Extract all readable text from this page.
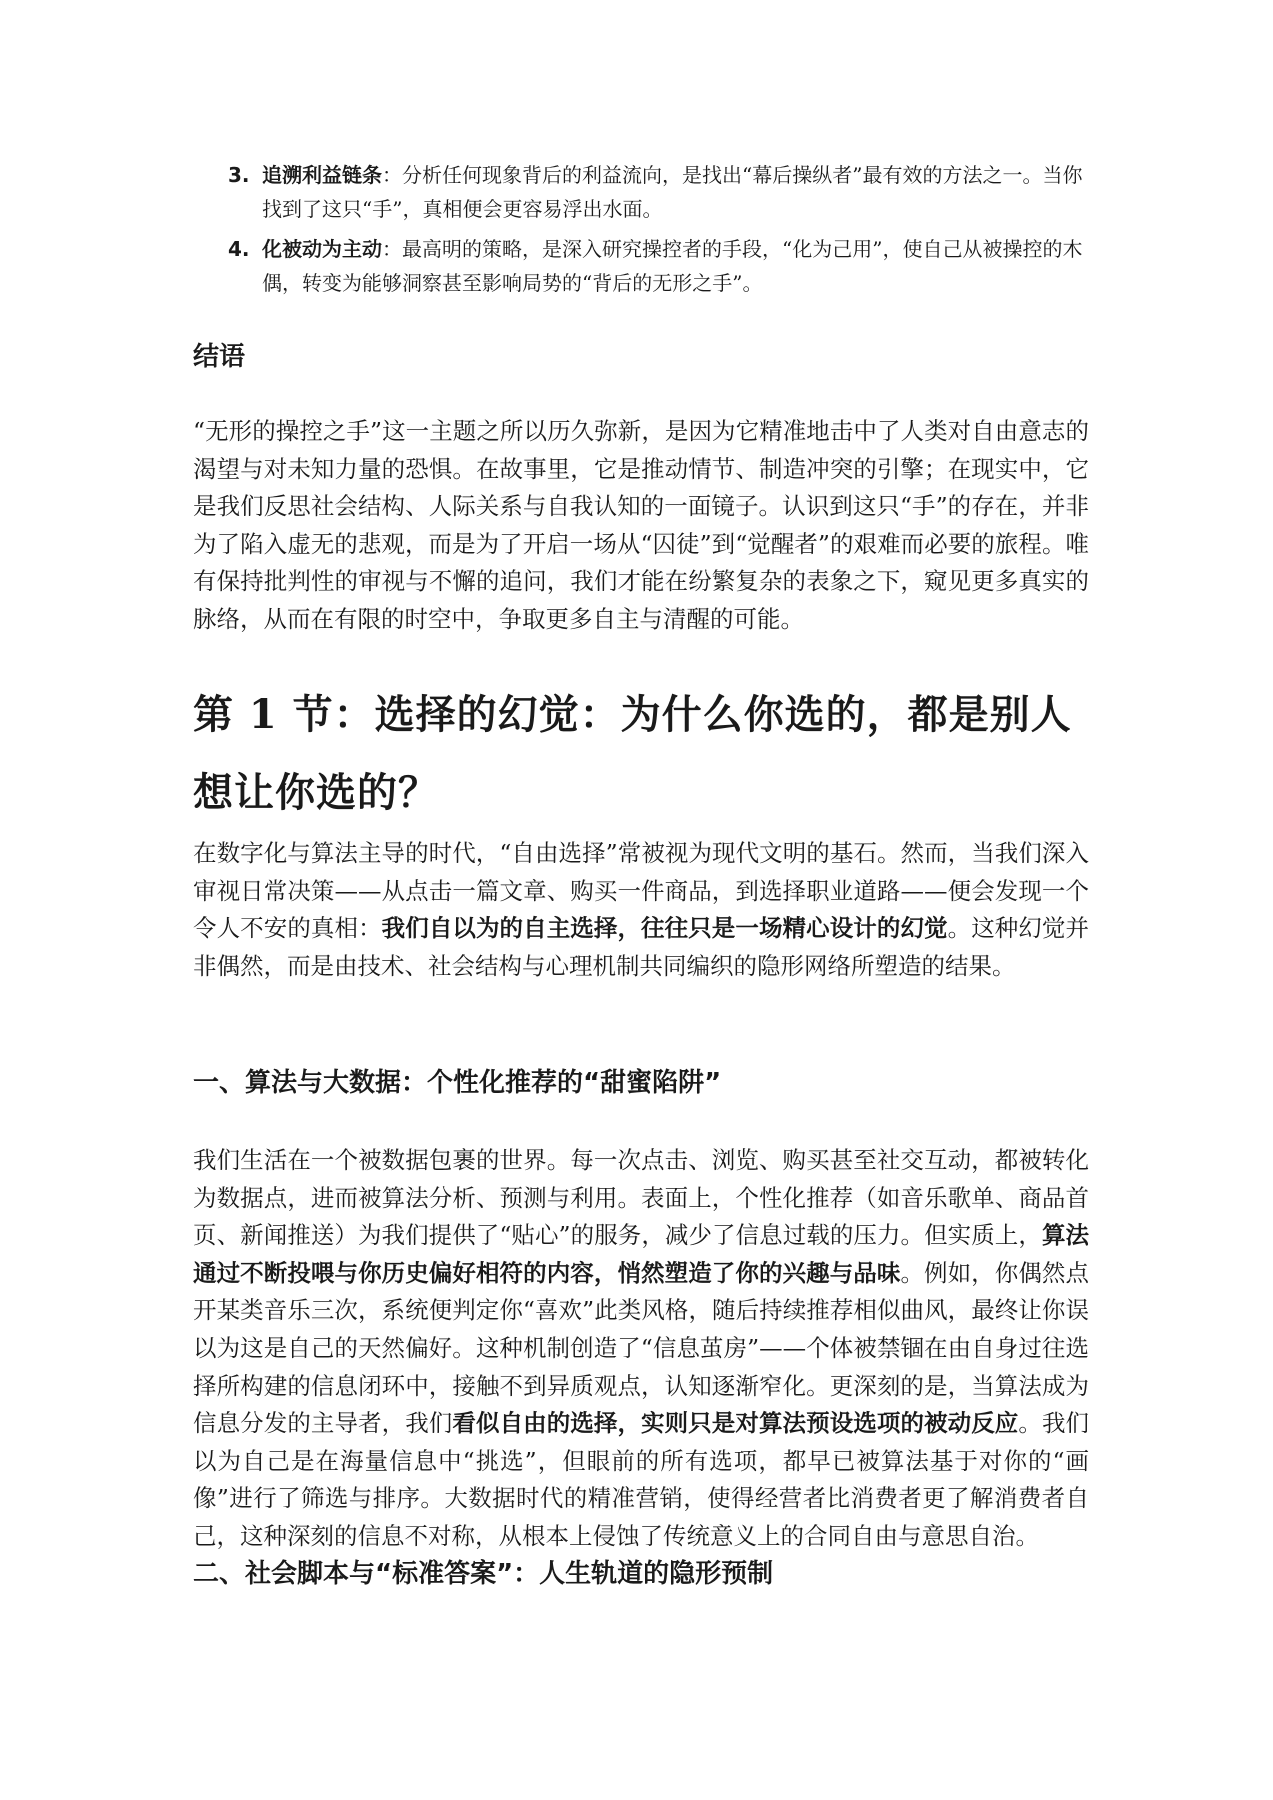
3. 追溯利益链条：分析任何现象背后的利益流向，是找出“幕后操纵者”最有效的方法之一。当你找到了这只“手”，真相便会更容易浮出水面。
4. 化被动为主动：最高明的策略，是深入研究操控者的手段，“化为己用”，使自己从被操控的木偶，转变为能够洞察甚至影响局势的“背后的无形之手”。
结语

“无形的操控之手”这一主题之所以历久弥新，是因为它精准地击中了人类对自由意志的渴望与对未知力量的恐惧。在故事里，它是推动情节、制造冲突的引擎；在现实中，它是我们反思社会结构、人际关系与自我认知的一面镜子。认识到这只“手”的存在，并非为了陷入虚无的悲观，而是为了开启一场从“囚徒”到“觉醒者”的艰难而必要的旅程。唯有保持批判性的审视与不懈的追问，我们才能在纷繁复杂的表象之下，窥见更多真实的脉络，从而在有限的时空中，争取更多自主与清醒的可能。

第 1 节：选择的幻觉：为什么你选的，都是别人想让你选的？

在数字化与算法主导的时代，“自由选择”常被视为现代文明的基石。然而，当我们深入审视日常决策——从点击一篇文章、购买一件商品，到选择职业道路——便会发现一个令人不安的真相：我们自以为的自主选择，往往只是一场精心设计的幻觉。这种幻觉并非偶然，而是由技术、社会结构与心理机制共同编织的隐形网络所塑造的结果。

一、算法与大数据：个性化推荐的“甜蜜陷阱”

我们生活在一个被数据包裹的世界。每一次点击、浏览、购买甚至社交互动，都被转化为数据点，进而被算法分析、预测与利用。表面上，个性化推荐（如音乐歌单、商品首页、新闻推送）为我们提供了“贴心”的服务，减少了信息过载的压力。但实质上，算法通过不断投喂与你历史偏好相符的内容，悄然塑造了你的兴趣与品味。例如，你偶然点开某类音乐三次，系统便判定你“喜欢”此类风格，随后持续推荐相似曲风，最终让你误以为这是自己的天然偏好。这种机制创造了“信息茧房”——个体被禁锢在由自身过往选择所构建的信息闭环中，接触不到异质观点，认知逐渐窄化。更深刻的是，当算法成为信息分发的主导者，我们看似自由的选择，实则只是对算法预设选项的被动反应。我们以为自己是在海量信息中“挑选”，但眼前的所有选项，都早已被算法基于对你的“画像”进行了筛选与排序。大数据时代的精准营销，使得经营者比消费者更了解消费者自己，这种深刻的信息不对称，从根本上侵蚀了传统意义上的合同自由与意思自治。

二、社会脚本与“标准答案”：人生轨道的隐形预制
